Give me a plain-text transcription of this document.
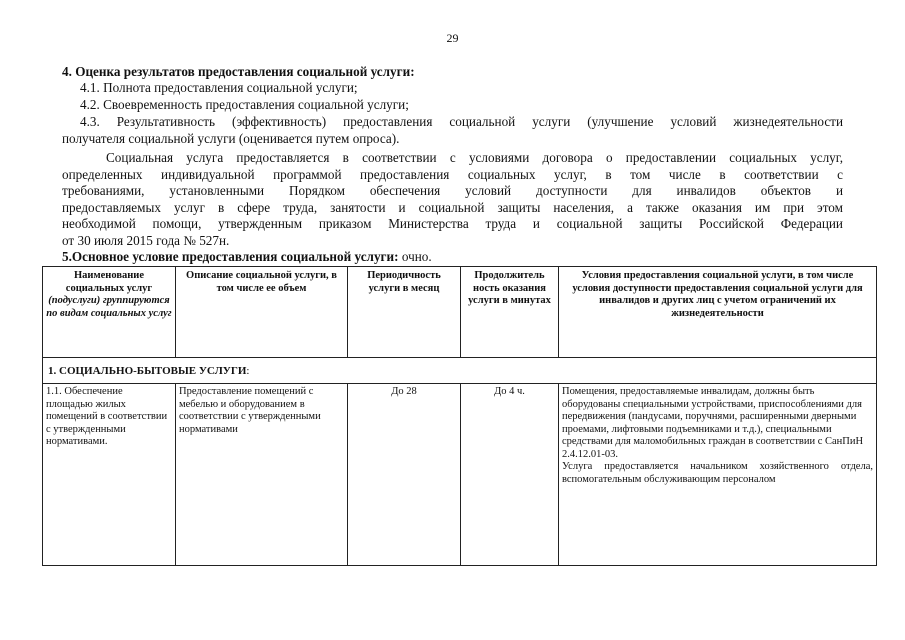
29
4. Оценка результатов предоставления социальной услуги:
4.1. Полнота предоставления социальной услуги;
4.2. Своевременность предоставления социальной услуги;
4.3. Результативность (эффективность) предоставления социальной услуги (улучшение условий жизнедеятельности
получателя социальной услуги (оценивается путем опроса).
Социальная услуга предоставляется в соответствии с условиями договора о предоставлении социальных услуг,
определенных индивидуальной программой предоставления социальных услуг, в том числе в соответствии с
требованиями, установленными Порядком обеспечения условий доступности для инвалидов объектов и
предоставляемых услуг в сфере труда, занятости и социальной защиты населения, а также оказания им при этом
необходимой помощи, утвержденным приказом Министерства труда и социальной защиты Российской Федерации
от 30 июля 2015 года № 527н.
5.Основное условие предоставления социальной услуги: очно.
Наименование социальных услуг
(подуслуги) группируются по видам социальных услуг	Описание социальной услуги, в том числе ее объем	Периодичность услуги в месяц	Продолжитель ность оказания услуги в минутах	Условия предоставления социальной услуги, в том числе условия доступности предоставления социальной услуги для инвалидов и других лиц с учетом ограничений их жизнедеятельности
1. СОЦИАЛЬНО-БЫТОВЫЕ УСЛУГИ:				
1.1. Обеспечение площадью жилых помещений в соответствии с утвержденными нормативами.	Предоставление помещений с мебелью и оборудованием в соответствии с утвержденными нормативами	До 28	До 4 ч.	Помещения, предоставляемые инвалидам, должны быть оборудованы специальными устройствами, приспособлениями для передвижения (пандусами, поручнями, расширенными дверными проемами, лифтовыми подъемниками и т.д.), специальными средствами для маломобильных граждан в соответствии с СанПиН 2.4.12.01-03.
Услуга предоставляется начальником хозяйственного отдела, вспомогательным обслуживающим персоналом
